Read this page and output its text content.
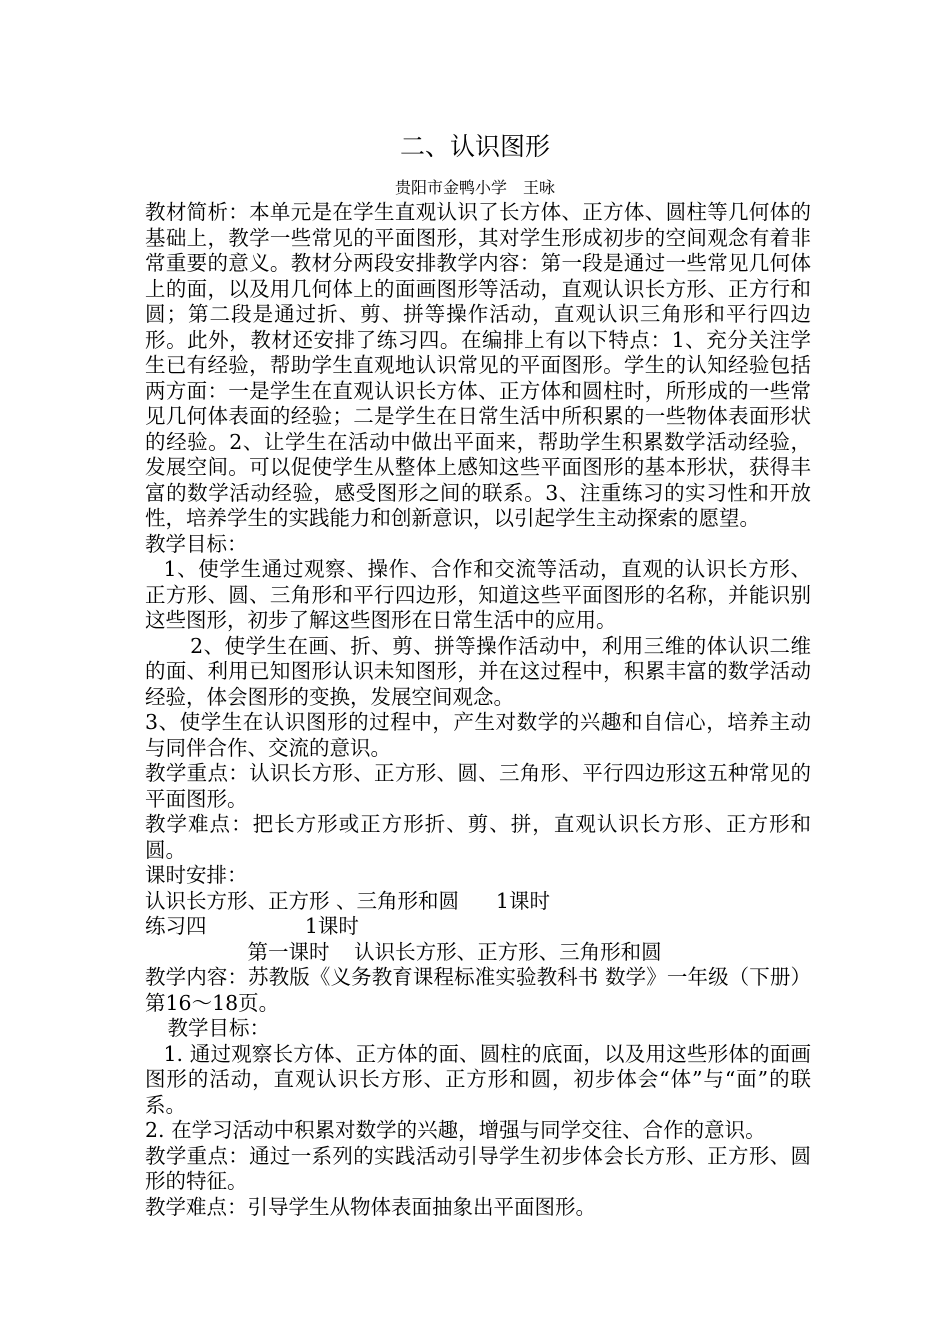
二、认识图形
贵阳市金鸭小学　王咏

教材简析：本单元是在学生直观认识了长方体、正方体、圆柱等几何体的基础上，教学一些常见的平面图形，其对学生形成初步的空间观念有着非常重要的意义。教材分两段安排教学内容：第一段是通过一些常见几何体上的面，以及用几何体上的面画图形等活动，直观认识长方形、正方行和圆；第二段是通过折、剪、拼等操作活动，直观认识三角形和平行四边形。此外，教材还安排了练习四。在编排上有以下特点：1、充分关注学生已有经验，帮助学生直观地认识常见的平面图形。学生的认知经验包括两方面：一是学生在直观认识长方体、正方体和圆柱时，所形成的一些常见几何体表面的经验；二是学生在日常生活中所积累的一些物体表面形状的经验。2、让学生在活动中做出平面来，帮助学生积累数学活动经验，发展空间。可以促使学生从整体上感知这些平面图形的基本形状，获得丰富的数学活动经验，感受图形之间的联系。3、注重练习的实习性和开放性，培养学生的实践能力和创新意识，以引起学生主动探索的愿望。

教学目标：

1、使学生通过观察、操作、合作和交流等活动，直观的认识长方形、正方形、圆、三角形和平行四边形，知道这些平面图形的名称，并能识别这些图形，初步了解这些图形在日常生活中的应用。

2、使学生在画、折、剪、拼等操作活动中，利用三维的体认识二维的面、利用已知图形认识未知图形，并在这过程中，积累丰富的数学活动经验，体会图形的变换，发展空间观念。

3、使学生在认识图形的过程中，产生对数学的兴趣和自信心，培养主动与同伴合作、交流的意识。

教学重点：认识长方形、正方形、圆、三角形、平行四边形这五种常见的平面图形。

教学难点：把长方形或正方形折、剪、拼，直观认识长方形、正方形和圆。

课时安排：

认识长方形、正方形 、三角形和圆 1课时

练习四	1课时

第一课时 认识长方形、正方形、三角形和圆

教学内容：苏教版《义务教育课程标准实验教科书 数学》一年级（下册）第16～18页。

教学目标：

1. 通过观察长方体、正方体的面、圆柱的底面，以及用这些形体的面画图形的活动，直观认识长方形、正方形和圆，初步体会“体”与“面”的联系。

2. 在学习活动中积累对数学的兴趣，增强与同学交往、合作的意识。

教学重点：通过一系列的实践活动引导学生初步体会长方形、正方形、圆形的特征。

教学难点：引导学生从物体表面抽象出平面图形。
